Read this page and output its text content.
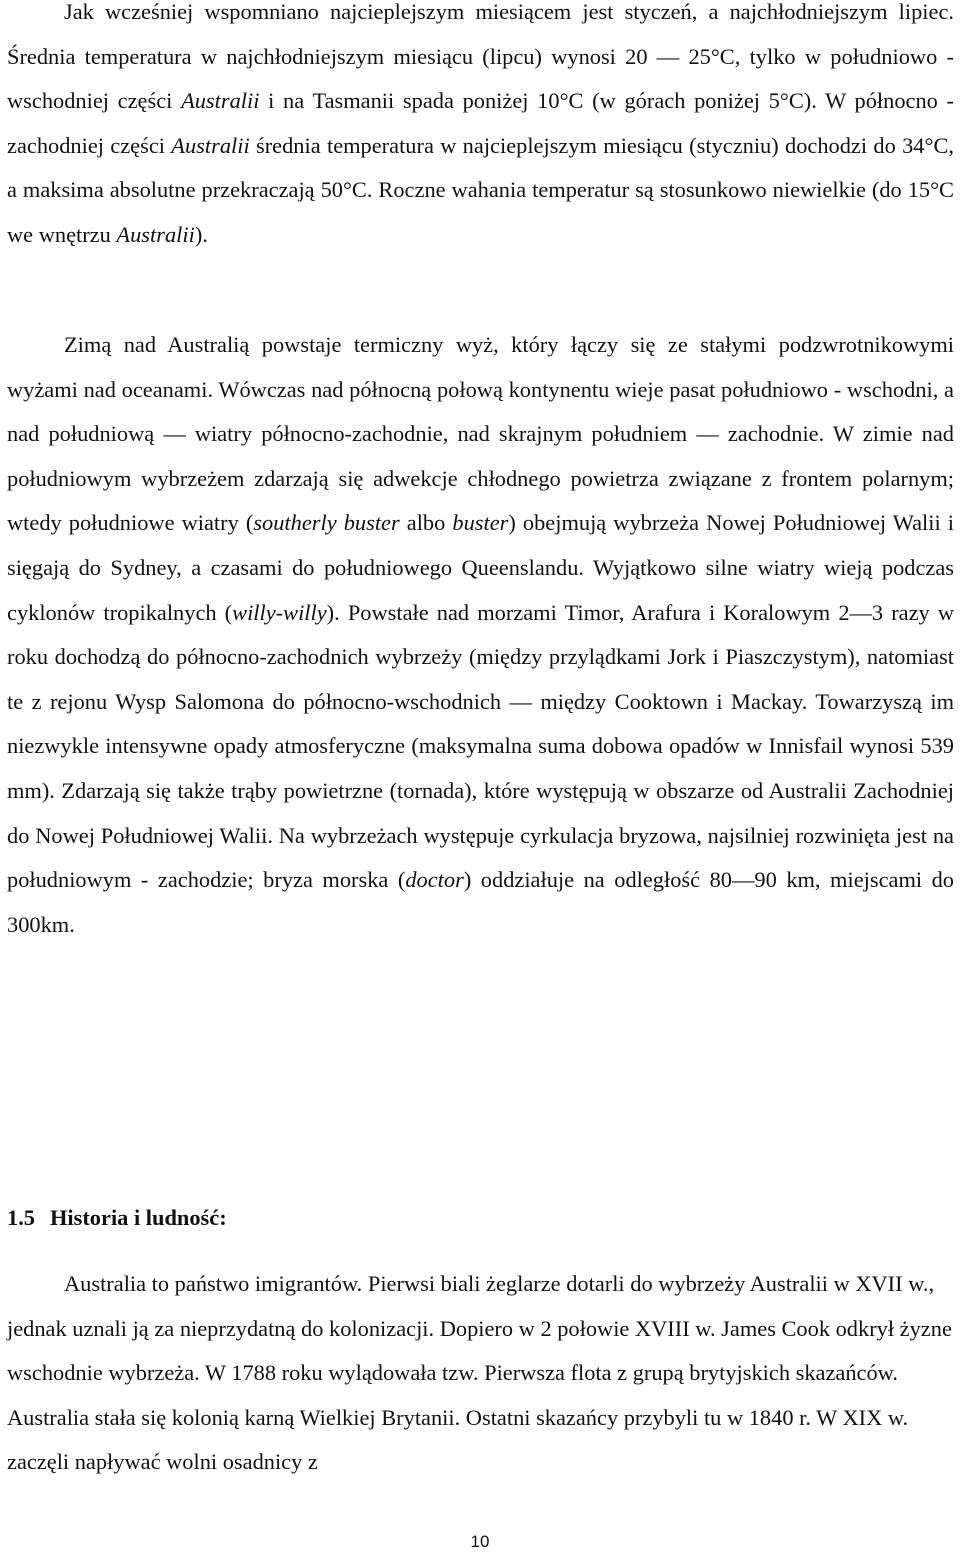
Jak wcześniej wspomniano najcieplejszym miesiącem jest styczeń, a najchłodniejszym lipiec. Średnia temperatura w najchłodniejszym miesiącu (lipcu) wynosi 20 — 25°C, tylko w południowo - wschodniej części Australii i na Tasmanii spada poniżej 10°C (w górach poniżej 5°C). W północno - zachodniej części Australii średnia temperatura w najcieplejszym miesiącu (styczniu) dochodzi do 34°C, a maksima absolutne przekraczają 50°C. Roczne wahania temperatur są stosunkowo niewielkie (do 15°C we wnętrzu Australii).

Zimą nad Australią powstaje termiczny wyż, który łączy się ze stałymi podzwrotnikowymi wyżami nad oceanami. Wówczas nad północną połową kontynentu wieje pasat południowo - wschodni, a nad południową — wiatry północno-zachodnie, nad skrajnym południem — zachodnie. W zimie nad południowym wybrzeżem zdarzają się adwekcje chłodnego powietrza związane z frontem polarnym; wtedy południowe wiatry (southerly buster albo buster) obejmują wybrzeża Nowej Południowej Walii i sięgają do Sydney, a czasami do południowego Queenslandu. Wyjątkowo silne wiatry wieją podczas cyklonów tropikalnych (willy-willy). Powstałe nad morzami Timor, Arafura i Koralowym 2—3 razy w roku dochodzą do północno-zachodnich wybrzeży (między przylądkami Jork i Piaszczystym), natomiast te z rejonu Wysp Salomona do północno-wschodnich — między Cooktown i Mackay. Towarzyszą im niezwykle intensywne opady atmosferyczne (maksymalna suma dobowa opadów w Innisfail wynosi 539 mm). Zdarzają się także trąby powietrzne (tornada), które występują w obszarze od Australii Zachodniej do Nowej Południowej Walii. Na wybrzeżach występuje cyrkulacja bryzowa, najsilniej rozwinięta jest na południowym - zachodzie; bryza morska (doctor) oddziałuje na odległość 80—90 km, miejscami do 300km.

1.5 Historia i ludność:

Australia to państwo imigrantów. Pierwsi biali żeglarze dotarli do wybrzeży Australii w XVII w., jednak uznali ją za nieprzydatną do kolonizacji. Dopiero w 2 połowie XVIII w. James Cook odkrył żyzne wschodnie wybrzeża. W 1788 roku wylądowała tzw. Pierwsza flota z grupą brytyjskich skazańców. Australia stała się kolonią karną Wielkiej Brytanii. Ostatni skazańcy przybyli tu w 1840 r. W XIX w. zaczęli napływać wolni osadnicy z

10
